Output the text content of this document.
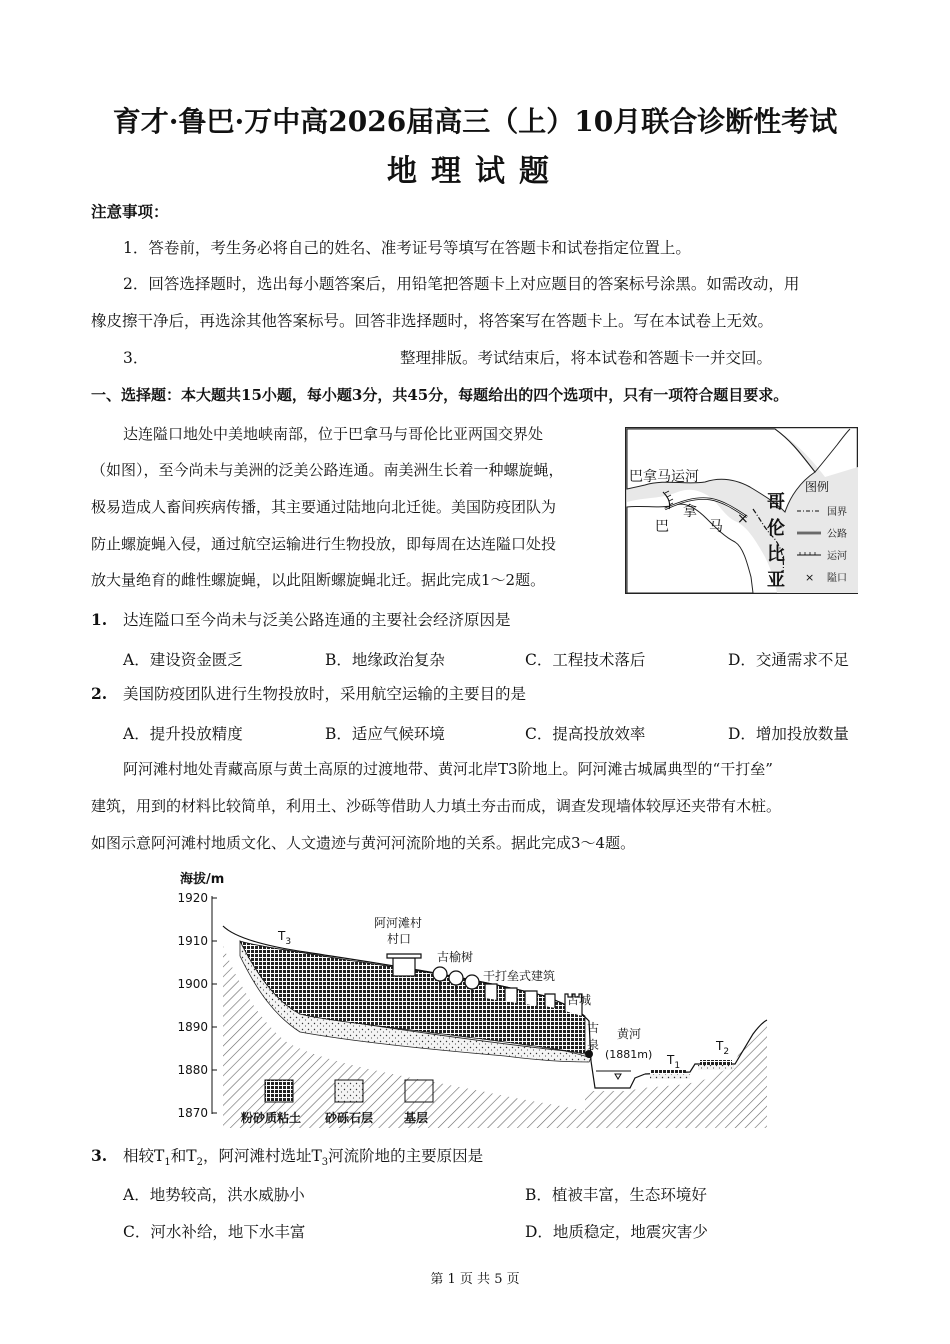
育才·鲁巴·万中高2026届高三（上）10月联合诊断性考试
地理试题
注意事项：
1．答卷前，考生务必将自己的姓名、准考证号等填写在答题卡和试卷指定位置上。
2．回答选择题时，选出每小题答案后，用铅笔把答题卡上对应题目的答案标号涂黑。如需改动，用
橡皮擦干净后，再选涂其他答案标号。回答非选择题时，将答案写在答题卡上。写在本试卷上无效。
3．	整理排版。考试结束后，将本试卷和答题卡一并交回。
一、选择题：本大题共15小题，每小题3分，共45分，每题给出的四个选项中，只有一项符合题目要求。
达连隘口地处中美地峡南部，位于巴拿马与哥伦比亚两国交界处
（如图），至今尚未与美洲的泛美公路连通。南美洲生长着一种螺旋蝇，
极易造成人畜间疾病传播，其主要通过陆地向北迁徙。美国防疫团队为
防止螺旋蝇入侵，通过航空运输进行生物投放，即每周在达连隘口处投
放大量绝育的雌性螺旋蝇，以此阻断螺旋蝇北迁。据此完成1～2题。
×
巴拿马运河
巴
拿
马
哥
伦
比
亚
图例
国界
公路
运河
× 隘口
1. 达连隘口至今尚未与泛美公路连通的主要社会经济原因是
A．建设资金匮乏	B．地缘政治复杂	C．工程技术落后	D．交通需求不足
2. 美国防疫团队进行生物投放时，采用航空运输的主要目的是
A．提升投放精度	B．适应气候环境	C．提高投放效率	D．增加投放数量
阿河滩村地处青藏高原与黄土高原的过渡地带、黄河北岸T3阶地上。阿河滩古城属典型的“干打垒”
建筑，用到的材料比较简单，利用土、沙砾等借助人力填土夯击而成，调查发现墙体较厚还夹带有木桩。
如图示意阿河滩村地质文化、人文遗迹与黄河河流阶地的关系。据此完成3～4题。
海拔/m
1920
1910
1900
1890
1880
1870
$T_3$
阿河滩村
村口
古榆树
干打垒式建筑
古城
古
泉
黄河
(1881m) $T_1$
$T_2$
粉砂质粘土 砂砾石层	基层
3. 相较$T_1$和$T_2$，阿河滩村选址$T_3$河流阶地的主要原因是
A．地势较高，洪水威胁小	B．植被丰富，生态环境好
C．河水补给，地下水丰富	D．地质稳定，地震灾害少
第 1 页 共 5 页
